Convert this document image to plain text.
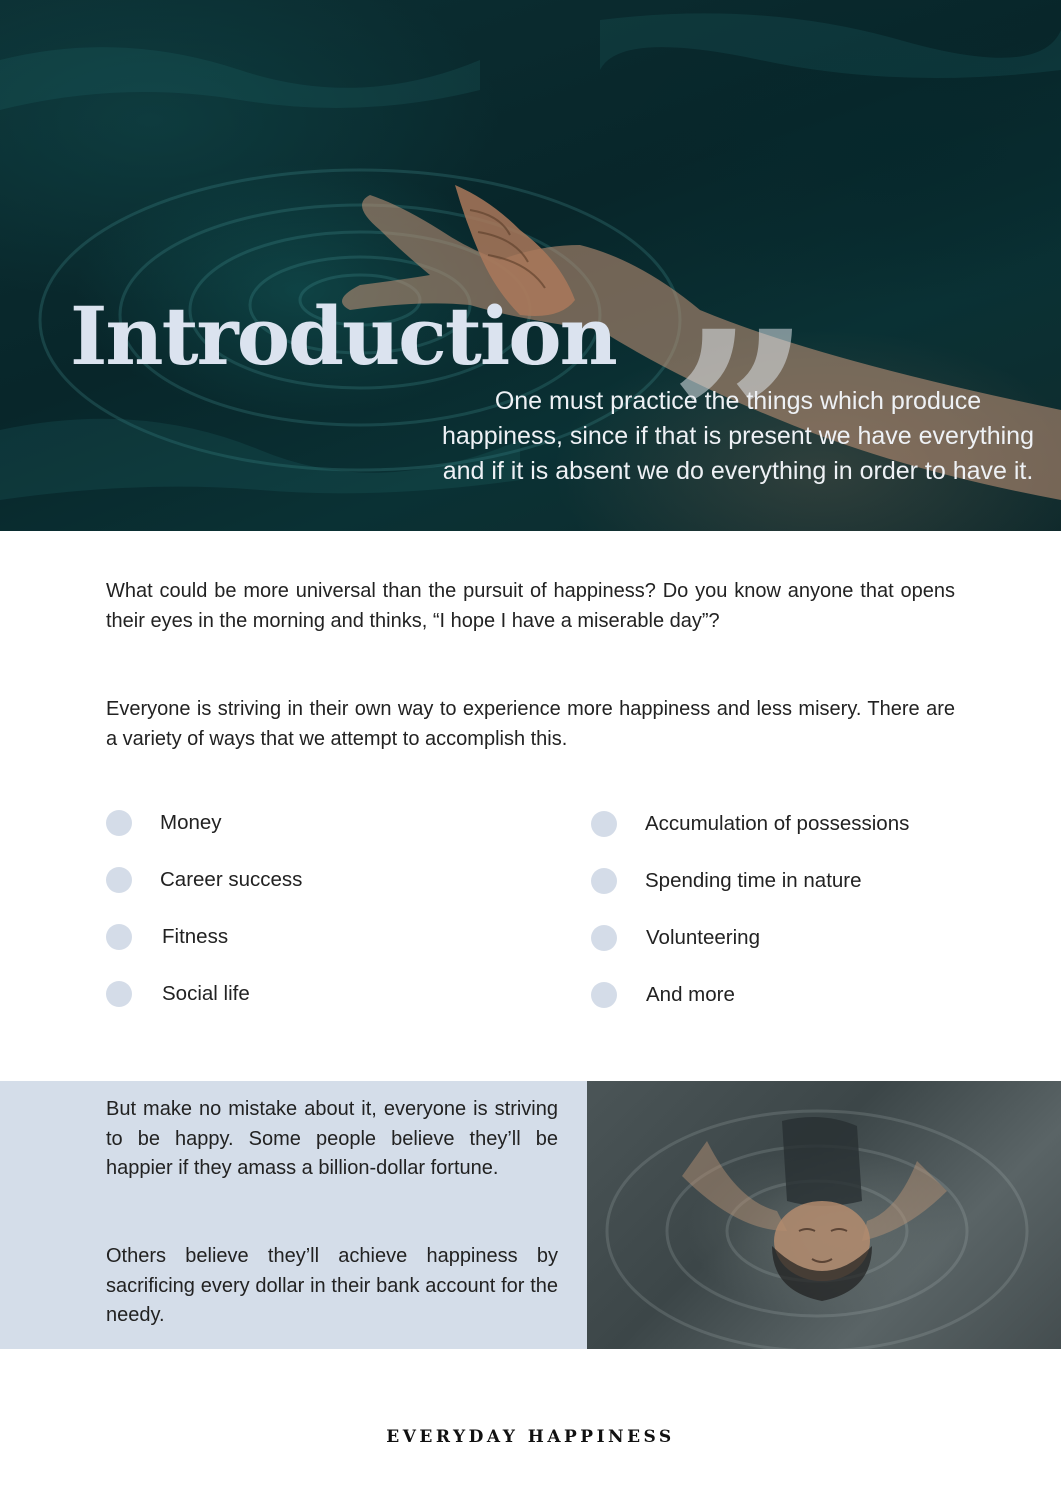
Introduction ”

One must practice the things which produce happiness, since if that is present we have everything and if it is absent we do everything in order to have it.

What could be more universal than the pursuit of happiness? Do you know anyone that opens their eyes in the morning and thinks, “I hope I have a miserable day”?

Everyone is striving in their own way to experience more happiness and less misery. There are a variety of ways that we attempt to accomplish this.

Money
Career success
Fitness
Social life
Accumulation of possessions
Spending time in nature
Volunteering
And more

But make no mistake about it, everyone is striving to be happy. Some people believe they’ll be happier if they amass a billion-dollar fortune.

Others believe they’ll achieve happiness by sacrificing every dollar in their bank account for the needy.

EVERYDAY HAPPINESS
